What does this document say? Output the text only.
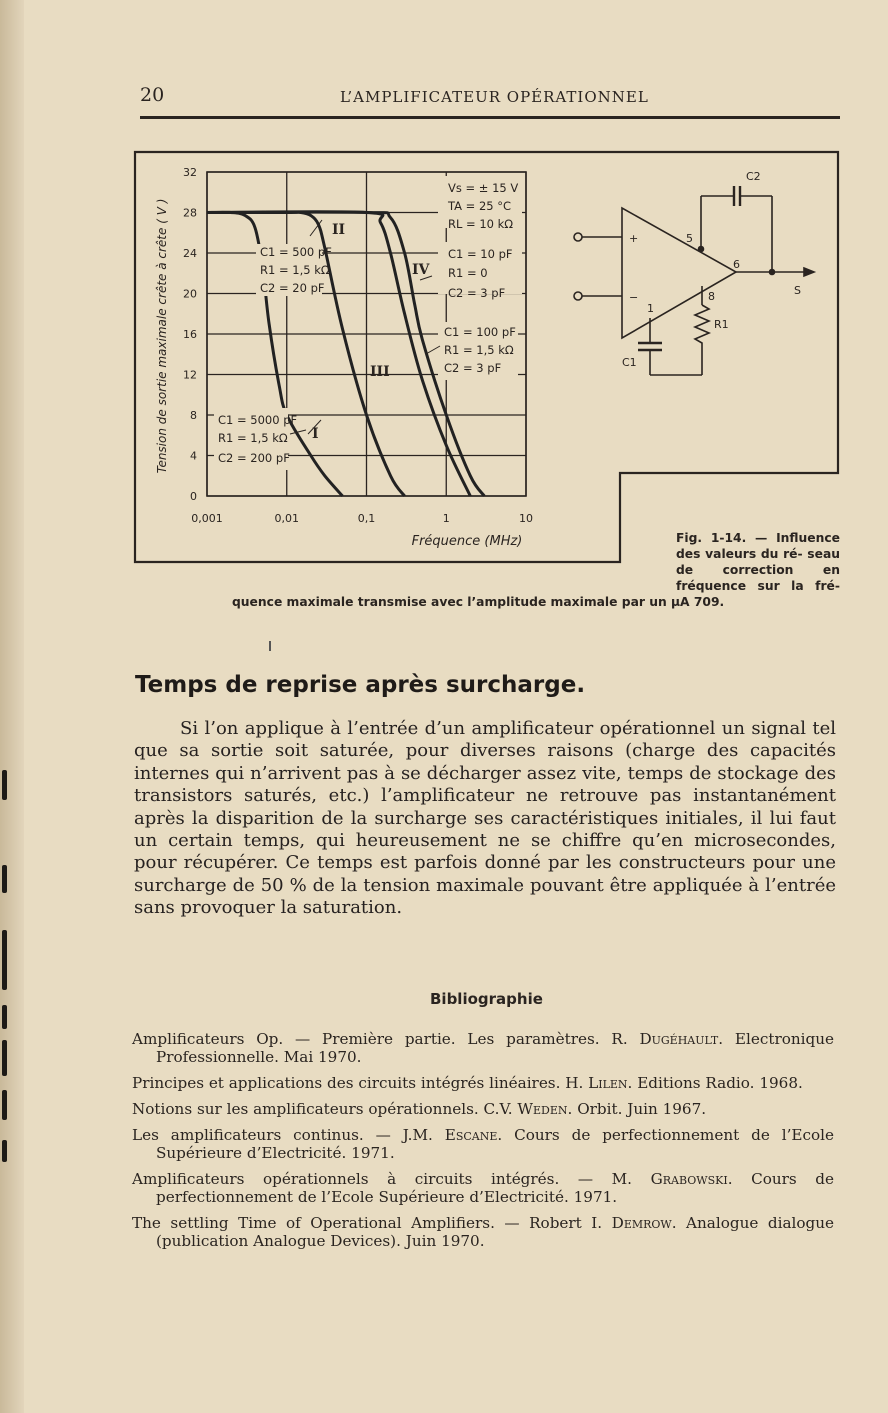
20	L’AMPLIFICATEUR OPÉRATIONNEL
0
4
8
12
16
20
24
28
32
0,001	0,01	0,1	1	10
Tension de sortie maximale crête à crête ( V )
Fréquence (MHz)
Vs = ± 15 V
TA = 25 °C
RL = 10 kΩ
C1 = 10 pF
R1 = 0
C2 = 3 pF
C1 = 100 pF
R1 = 1,5 kΩ
C2 = 3 pF
C1 = 500 pF
R1 = 1,5 kΩ
C2 = 20 pF
C1 = 5000 pF
R1 = 1,5 kΩ
C2 = 200 pF
I
II
III
IV
+
−
5
6
8
1
C1
C2
R1
S
Fig. 1-14. — Influence des valeurs du ré- seau de correction en fréquence sur la fré-
quence maximale transmise avec l’amplitude maximale par un μA 709.
Temps de reprise après surcharge.
Si l’on applique à l’entrée d’un amplificateur opérationnel un signal tel que sa sortie soit saturée, pour diverses raisons (charge des capacités internes qui n’arrivent pas à se décharger assez vite, temps de stockage des transistors saturés, etc.) l’amplificateur ne retrouve pas instantanément après la disparition de la surcharge ses caractéristiques initiales, il lui faut un certain temps, qui heureusement ne se chiffre qu’en microsecondes, pour récupérer. Ce temps est parfois donné par les constructeurs pour une surcharge de 50 % de la tension maximale pouvant être appliquée à l’entrée sans provoquer la saturation.
Bibliographie
Amplificateurs Op. — Première partie. Les paramètres. R. Dugéhault. Electronique Professionnelle. Mai 1970.
Principes et applications des circuits intégrés linéaires. H. Lilen. Editions Radio. 1968.
Notions sur les amplificateurs opérationnels. C.V. Weden. Orbit. Juin 1967.
Les amplificateurs continus. — J.M. Escane. Cours de perfectionnement de l’Ecole Supérieure d’Electricité. 1971.
Amplificateurs opérationnels à circuits intégrés. — M. Grabowski. Cours de perfectionnement de l’Ecole Supérieure d’Electricité. 1971.
The settling Time of Operational Amplifiers. — Robert I. Demrow. Analogue dialogue (publication Analogue Devices). Juin 1970.
